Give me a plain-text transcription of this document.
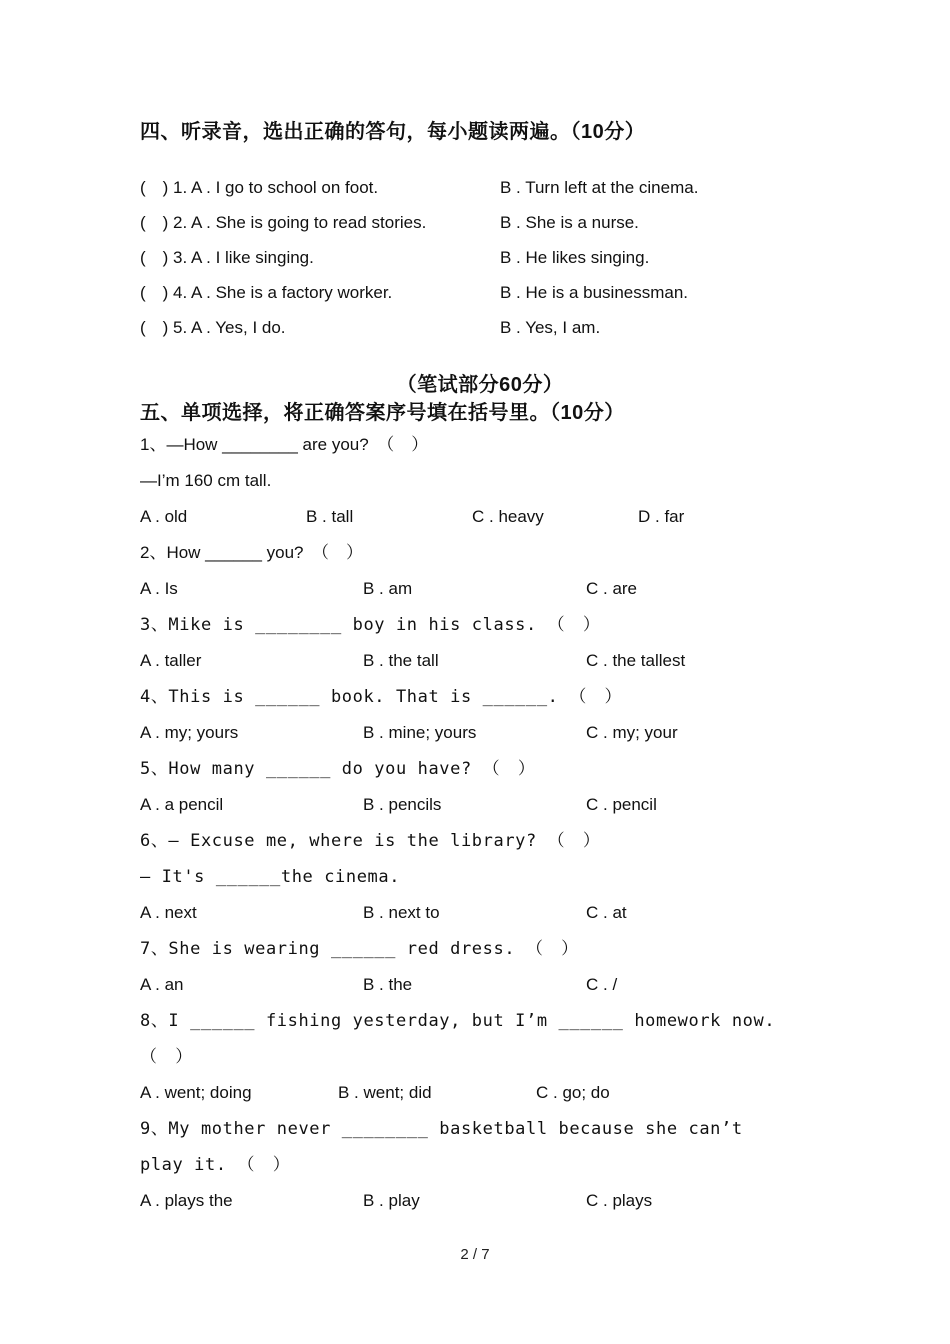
四、听录音，选出正确的答句，每小题读两遍。（10分）
(　) 1. A . I go to school on foot.	B . Turn left at the cinema.
(　) 2. A . She is going to read stories.	B . She is a nurse.
(　) 3. A . I like singing.	B . He likes singing.
(　) 4. A . She is a factory worker.	B . He is a businessman.
(　) 5. A . Yes, I do.	B . Yes, I am.
（笔试部分60分）
五、单项选择，将正确答案序号填在括号里。（10分）
1、—How ________ are you?　（　）
—I’m 160 cm tall.
A . old	B . tall	C . heavy	D . far
2、How ______ you?　（　）
A . Is	B . am	C . are
3、Mike is ________ boy in his class. （　）
A . taller	B . the tall	C . the tallest
4、This is ______ book. That is ______. （　）
A . my; yours	B . mine; yours	C . my; your
5、How many ______ do you have? （　）
A . a pencil	B . pencils	C . pencil
6、— Excuse me, where is the library? （　）
— It's ______the cinema.
A . next	B . next to	C . at
7、She is wearing ______ red dress. （　）
A . an	B . the	C . /
8、I ______ fishing yesterday, but I’m ______ homework now.
（　）
A . went; doing	B . went; did	C . go; do
9、My mother never ________ basketball because she can’t
play it. （　）
A . plays the	B . play	C . plays
2 / 7
